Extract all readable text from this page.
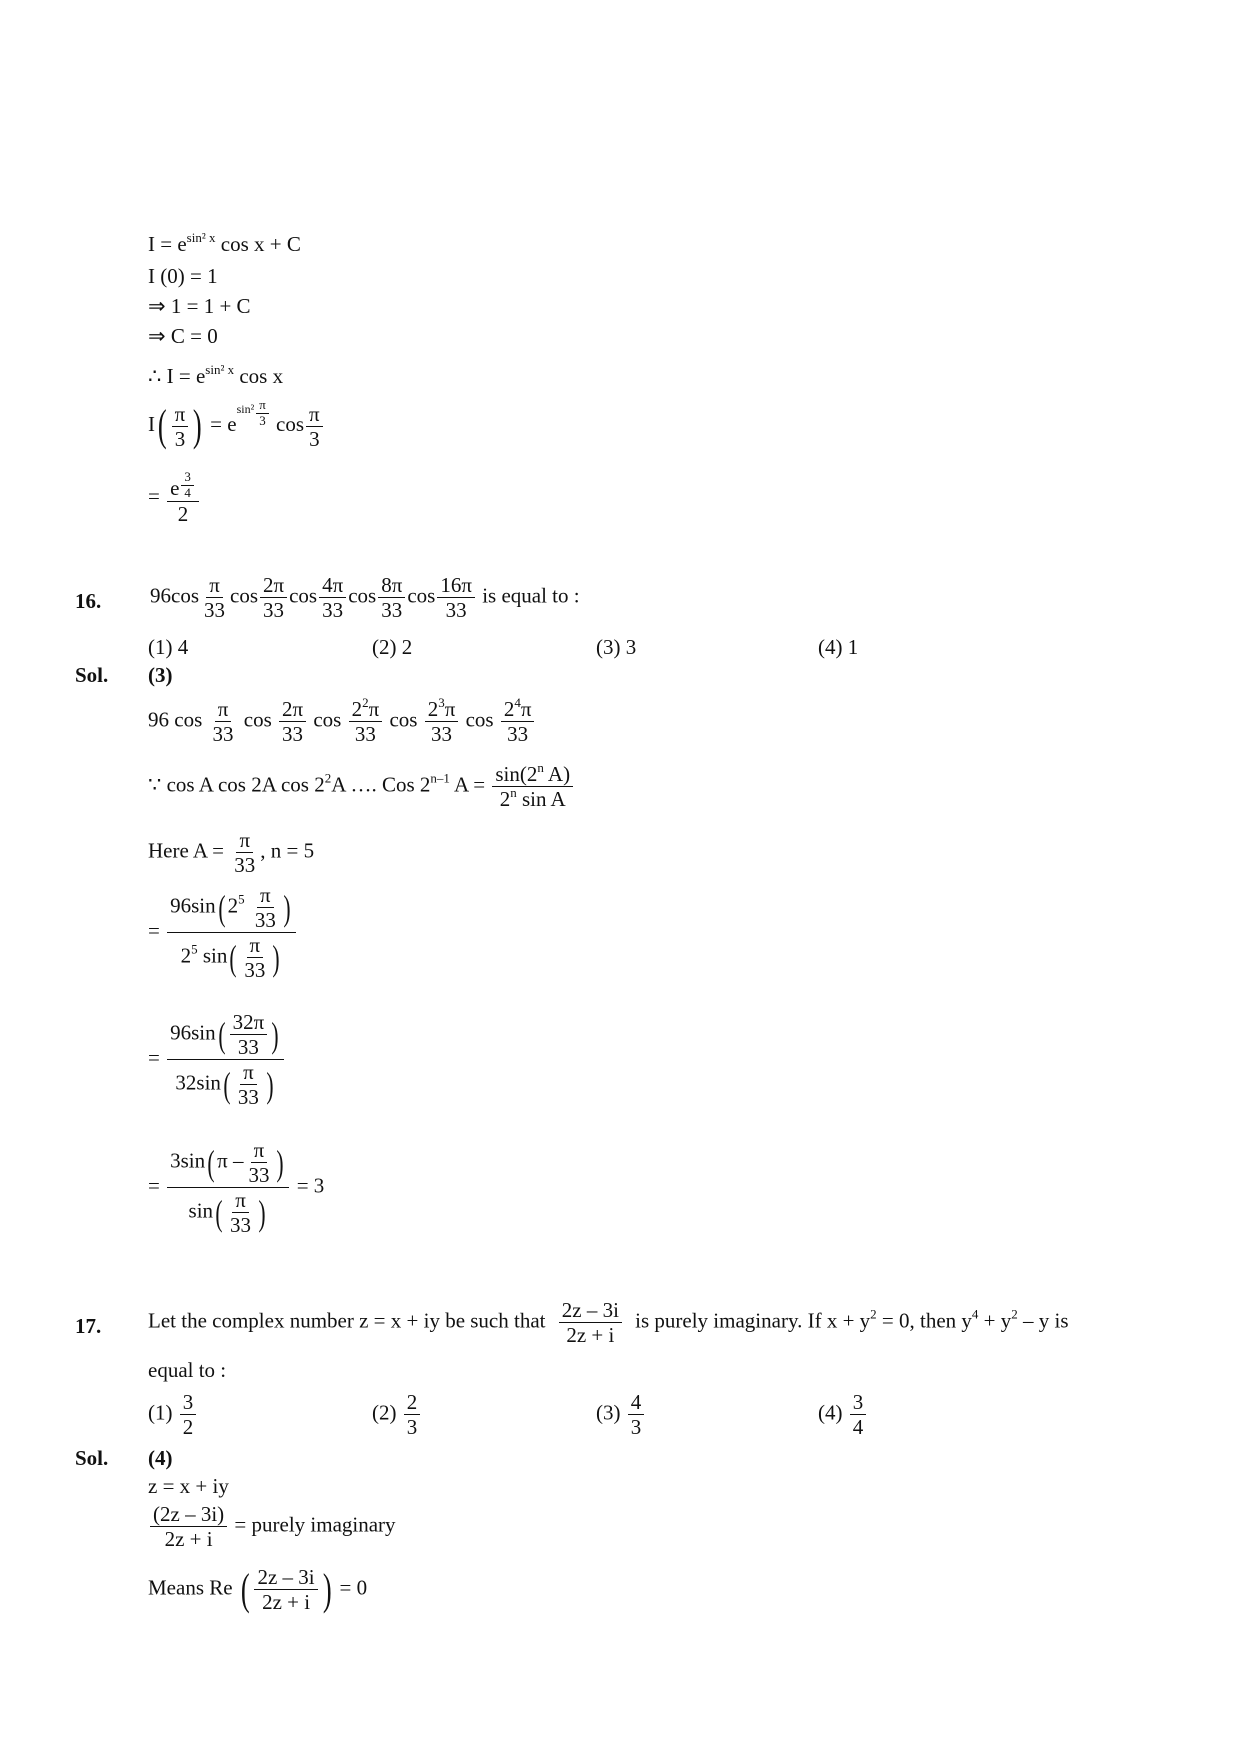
$I = e^{sin^2 x}$ cos x + C
I (0) = 1
⇒ 1 = 1 + C
⇒ C = 0
∴ $I = e^{sin^2 x}$ cos x
$I( \frac{\pi}{3}$ ) = $esin^2 \frac{\pi}{3}$ $\cos \frac{\pi}{3}$
= $\frac{e \frac{3}{4}}{2}$
16. $96\cos \frac{\pi}{33}$ $\cos \frac{2\pi}{33}$ $\cos \frac{4\pi}{33}$ $\cos \frac{8\pi}{33}$ $\cos \frac{16\pi}{33}$ is equal to :
(1) 4	(2) 2	(3) 3	(4) 1
Sol. (3)
96 $\cos \frac{\pi}{33}$ $\cos \frac{2\pi}{33}$ $\cos \frac{2^2\pi}{33}$ $\cos \frac{2^3\pi}{33}$ $\cos \frac{2^4\pi}{33}$
∵ cos A cos 2A $\cos 2^2A$ …. Cos 2$^{n-1}$ $A = \frac{\sin(2^n A)}{2^n \sin A}$
Here $A = \frac{\pi}{33}$ , n = 5
= $\frac{96\sin( 2^5 \frac{\pi}{33} )}{2^5 \sin( \frac{\pi}{33} )}$
= $\frac{96\sin( \frac{32\pi}{33} )}{32\sin( \frac{\pi}{33} )}$
= $\frac{3\sin( \pi - \frac{\pi}{33} )}{\sin( \frac{\pi}{33} )} = 3$
17. Let the complex number z = x + iy be such that $\frac{2z - 3i}{2z + i}$ is purely imaginary. If $x + y^2 = 0$, then $y^4 + y^2 - y$ is
equal to :
$(1) \frac{3}{2}$	$(2) \frac{2}{3}$	$(3) \frac{4}{3}$	$(4) \frac{3}{4}$
Sol. (4)
z = x + iy
$\frac{(2z - 3i)}{2z + i}$ = purely imaginary
Means Re ( $\frac{2z - 3i}{2z + i}$ ) = 0
